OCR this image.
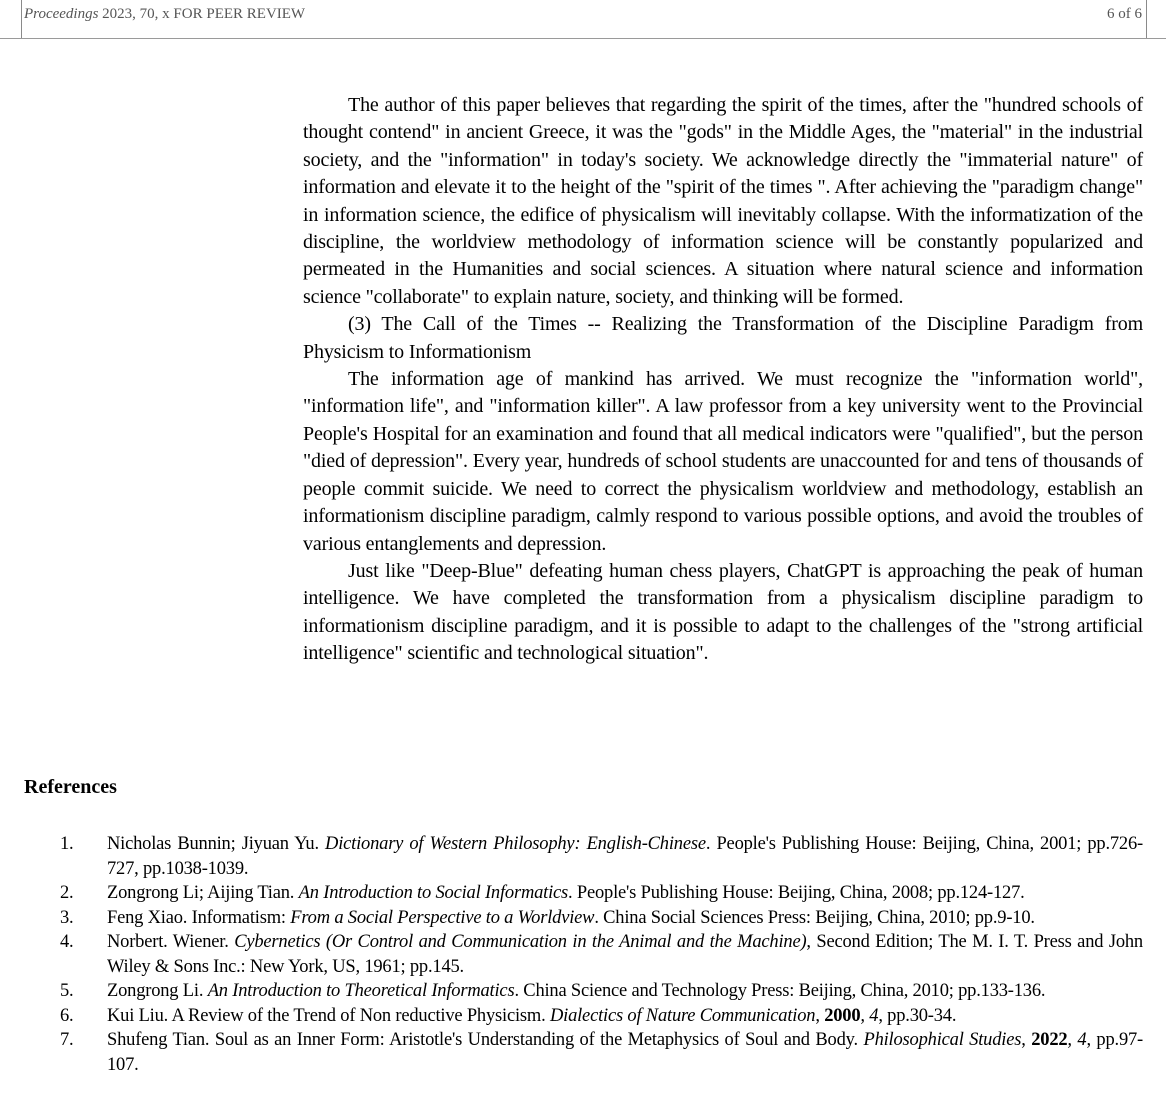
Proceedings 2023, 70, x FOR PEER REVIEW	6 of 6

The author of this paper believes that regarding the spirit of the times, after the "hundred schools of thought contend" in ancient Greece, it was the "gods" in the Middle Ages, the "material" in the industrial society, and the "information" in today's society. We acknowledge directly the "immaterial nature" of information and elevate it to the height of the "spirit of the times ". After achieving the "paradigm change" in information science, the edifice of physicalism will inevitably collapse. With the informatization of the discipline, the worldview methodology of information science will be constantly popularized and permeated in the Humanities and social sciences. A situation where natural science and information science "collaborate" to explain nature, society, and thinking will be formed.

(3) The Call of the Times -- Realizing the Transformation of the Discipline Paradigm from Physicism to Informationism

The information age of mankind has arrived. We must recognize the "information world", "information life", and "information killer". A law professor from a key university went to the Provincial People's Hospital for an examination and found that all medical indicators were "qualified", but the person "died of depression". Every year, hundreds of school students are unaccounted for and tens of thousands of people commit suicide. We need to correct the physicalism worldview and methodology, establish an informationism discipline paradigm, calmly respond to various possible options, and avoid the troubles of various entanglements and depression.

Just like "Deep-Blue" defeating human chess players, ChatGPT is approaching the peak of human intelligence. We have completed the transformation from a physicalism discipline paradigm to informationism discipline paradigm, and it is possible to adapt to the challenges of the "strong artificial intelligence" scientific and technological situation".

References
1. Nicholas Bunnin; Jiyuan Yu. Dictionary of Western Philosophy: English-Chinese. People's Publishing House: Beijing, China, 2001; pp.726-727, pp.1038-1039.
2. Zongrong Li; Aijing Tian. An Introduction to Social Informatics. People's Publishing House: Beijing, China, 2008; pp.124-127.
3. Feng Xiao. Informatism: From a Social Perspective to a Worldview. China Social Sciences Press: Beijing, China, 2010; pp.9-10.
4. Norbert. Wiener. Cybernetics (Or Control and Communication in the Animal and the Machine), Second Edition; The M. I. T. Press and John Wiley & Sons Inc.: New York, US, 1961; pp.145.
5. Zongrong Li. An Introduction to Theoretical Informatics. China Science and Technology Press: Beijing, China, 2010; pp.133-136.
6. Kui Liu. A Review of the Trend of Non reductive Physicism. Dialectics of Nature Communication, 2000, 4, pp.30-34.
7. Shufeng Tian. Soul as an Inner Form: Aristotle's Understanding of the Metaphysics of Soul and Body. Philosophical Studies, 2022, 4, pp.97-107.
